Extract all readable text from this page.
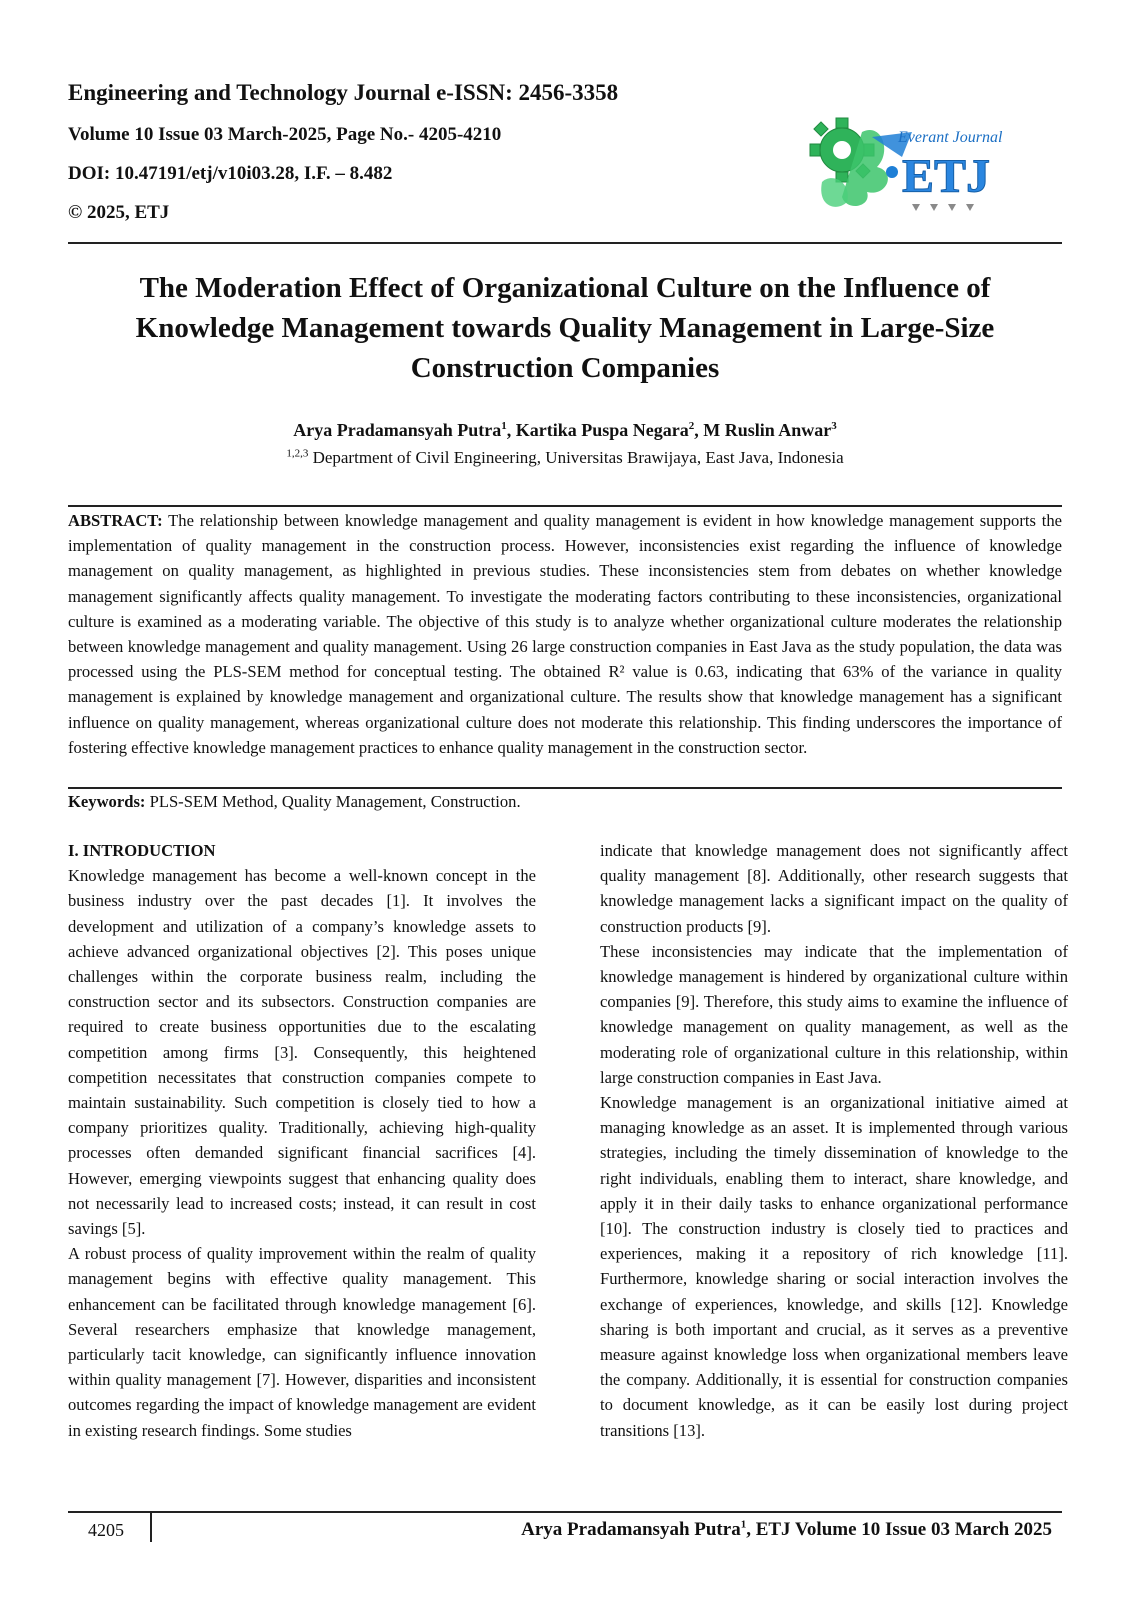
Engineering and Technology Journal e-ISSN: 2456-3358
Volume 10 Issue 03 March-2025, Page No.- 4205-4210
DOI: 10.47191/etj/v10i03.28, I.F. – 8.482
© 2025, ETJ
Everant Journal
ETJ
The Moderation Effect of Organizational Culture on the Influence of Knowledge Management towards Quality Management in Large-Size Construction Companies
Arya Pradamansyah Putra$^1$, Kartika Puspa Negara$^2$, M Ruslin Anwar$^3$
$^{1,2,3}$ Department of Civil Engineering, Universitas Brawijaya, East Java, Indonesia
ABSTRACT: The relationship between knowledge management and quality management is evident in how knowledge management supports the implementation of quality management in the construction process. However, inconsistencies exist regarding the influence of knowledge management on quality management, as highlighted in previous studies. These inconsistencies stem from debates on whether knowledge management significantly affects quality management. To investigate the moderating factors contributing to these inconsistencies, organizational culture is examined as a moderating variable. The objective of this study is to analyze whether organizational culture moderates the relationship between knowledge management and quality management. Using 26 large construction companies in East Java as the study population, the data was processed using the PLS-SEM method for conceptual testing. The obtained R² value is 0.63, indicating that 63% of the variance in quality management is explained by knowledge management and organizational culture. The results show that knowledge management has a significant influence on quality management, whereas organizational culture does not moderate this relationship. This finding underscores the importance of fostering effective knowledge management practices to enhance quality management in the construction sector.
Keywords: PLS-SEM Method, Quality Management, Construction.

I. INTRODUCTION

Knowledge management has become a well-known concept in the business industry over the past decades [1]. It involves the development and utilization of a company’s knowledge assets to achieve advanced organizational objectives [2]. This poses unique challenges within the corporate business realm, including the construction sector and its subsectors. Construction companies are required to create business opportunities due to the escalating competition among firms [3]. Consequently, this heightened competition necessitates that construction companies compete to maintain sustainability. Such competition is closely tied to how a company prioritizes quality. Traditionally, achieving high-quality processes often demanded significant financial sacrifices [4]. However, emerging viewpoints suggest that enhancing quality does not necessarily lead to increased costs; instead, it can result in cost savings [5].

A robust process of quality improvement within the realm of quality management begins with effective quality management. This enhancement can be facilitated through knowledge management [6]. Several researchers emphasize that knowledge management, particularly tacit knowledge, can significantly influence innovation within quality management [7]. However, disparities and inconsistent outcomes regarding the impact of knowledge management are evident in existing research findings. Some studies

indicate that knowledge management does not significantly affect quality management [8]. Additionally, other research suggests that knowledge management lacks a significant impact on the quality of construction products [9].

These inconsistencies may indicate that the implementation of knowledge management is hindered by organizational culture within companies [9]. Therefore, this study aims to examine the influence of knowledge management on quality management, as well as the moderating role of organizational culture in this relationship, within large construction companies in East Java.

Knowledge management is an organizational initiative aimed at managing knowledge as an asset. It is implemented through various strategies, including the timely dissemination of knowledge to the right individuals, enabling them to interact, share knowledge, and apply it in their daily tasks to enhance organizational performance [10]. The construction industry is closely tied to practices and experiences, making it a repository of rich knowledge [11]. Furthermore, knowledge sharing or social interaction involves the exchange of experiences, knowledge, and skills [12]. Knowledge sharing is both important and crucial, as it serves as a preventive measure against knowledge loss when organizational members leave the company. Additionally, it is essential for construction companies to document knowledge, as it can be easily lost during project transitions [13].

4205	Arya Pradamansyah Putra$^1$, ETJ Volume 10 Issue 03 March 2025
